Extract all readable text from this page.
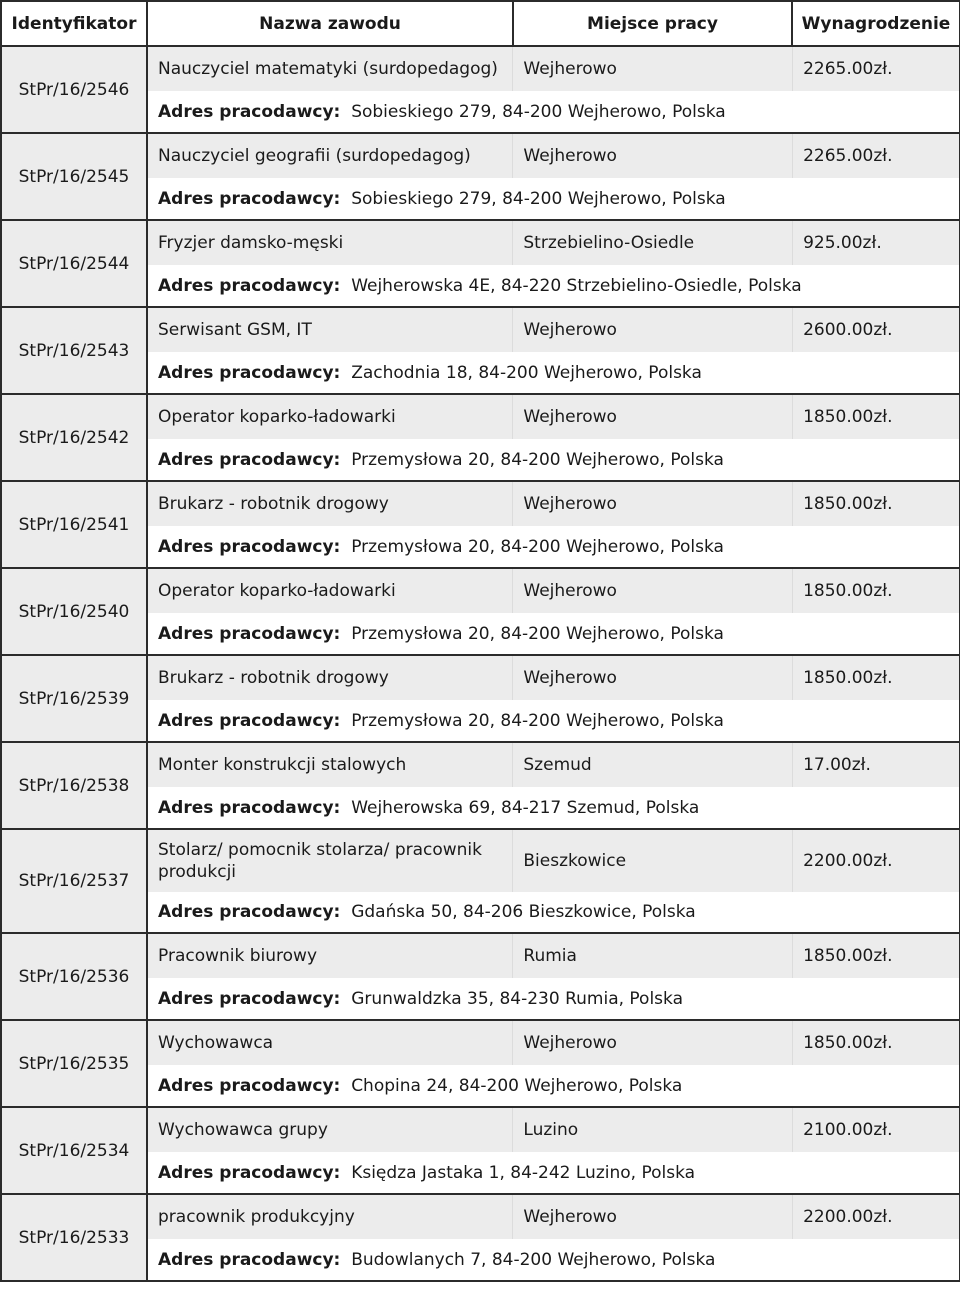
Identyfikator	Nazwa zawodu	Miejsce pracy	Wynagrodzenie
StPr/16/2546	
Nauczyciel matematyki (surdopedagog)	Wejherowo	2265.00zł.
Adres pracodawcy: Sobieskiego 279, 84-200 Wejherowo, Polska

StPr/16/2545	
Nauczyciel geografii (surdopedagog)	Wejherowo	2265.00zł.
Adres pracodawcy: Sobieskiego 279, 84-200 Wejherowo, Polska

StPr/16/2544	
Fryzjer damsko-męski	Strzebielino-Osiedle	925.00zł.
Adres pracodawcy: Wejherowska 4E, 84-220 Strzebielino-Osiedle, Polska

StPr/16/2543	
Serwisant GSM, IT	Wejherowo	2600.00zł.
Adres pracodawcy: Zachodnia 18, 84-200 Wejherowo, Polska

StPr/16/2542	
Operator koparko-ładowarki	Wejherowo	1850.00zł.
Adres pracodawcy: Przemysłowa 20, 84-200 Wejherowo, Polska

StPr/16/2541	
Brukarz - robotnik drogowy	Wejherowo	1850.00zł.
Adres pracodawcy: Przemysłowa 20, 84-200 Wejherowo, Polska

StPr/16/2540	
Operator koparko-ładowarki	Wejherowo	1850.00zł.
Adres pracodawcy: Przemysłowa 20, 84-200 Wejherowo, Polska

StPr/16/2539	
Brukarz - robotnik drogowy	Wejherowo	1850.00zł.
Adres pracodawcy: Przemysłowa 20, 84-200 Wejherowo, Polska

StPr/16/2538	
Monter konstrukcji stalowych	Szemud	17.00zł.
Adres pracodawcy: Wejherowska 69, 84-217 Szemud, Polska

StPr/16/2537	
Stolarz/ pomocnik stolarza/ pracownik produkcji	Bieszkowice	2200.00zł.
Adres pracodawcy: Gdańska 50, 84-206 Bieszkowice, Polska

StPr/16/2536	
Pracownik biurowy	Rumia	1850.00zł.
Adres pracodawcy: Grunwaldzka 35, 84-230 Rumia, Polska

StPr/16/2535	
Wychowawca	Wejherowo	1850.00zł.
Adres pracodawcy: Chopina 24, 84-200 Wejherowo, Polska

StPr/16/2534	
Wychowawca grupy	Luzino	2100.00zł.
Adres pracodawcy: Księdza Jastaka 1, 84-242 Luzino, Polska

StPr/16/2533	
pracownik produkcyjny	Wejherowo	2200.00zł.
Adres pracodawcy: Budowlanych 7, 84-200 Wejherowo, Polska
